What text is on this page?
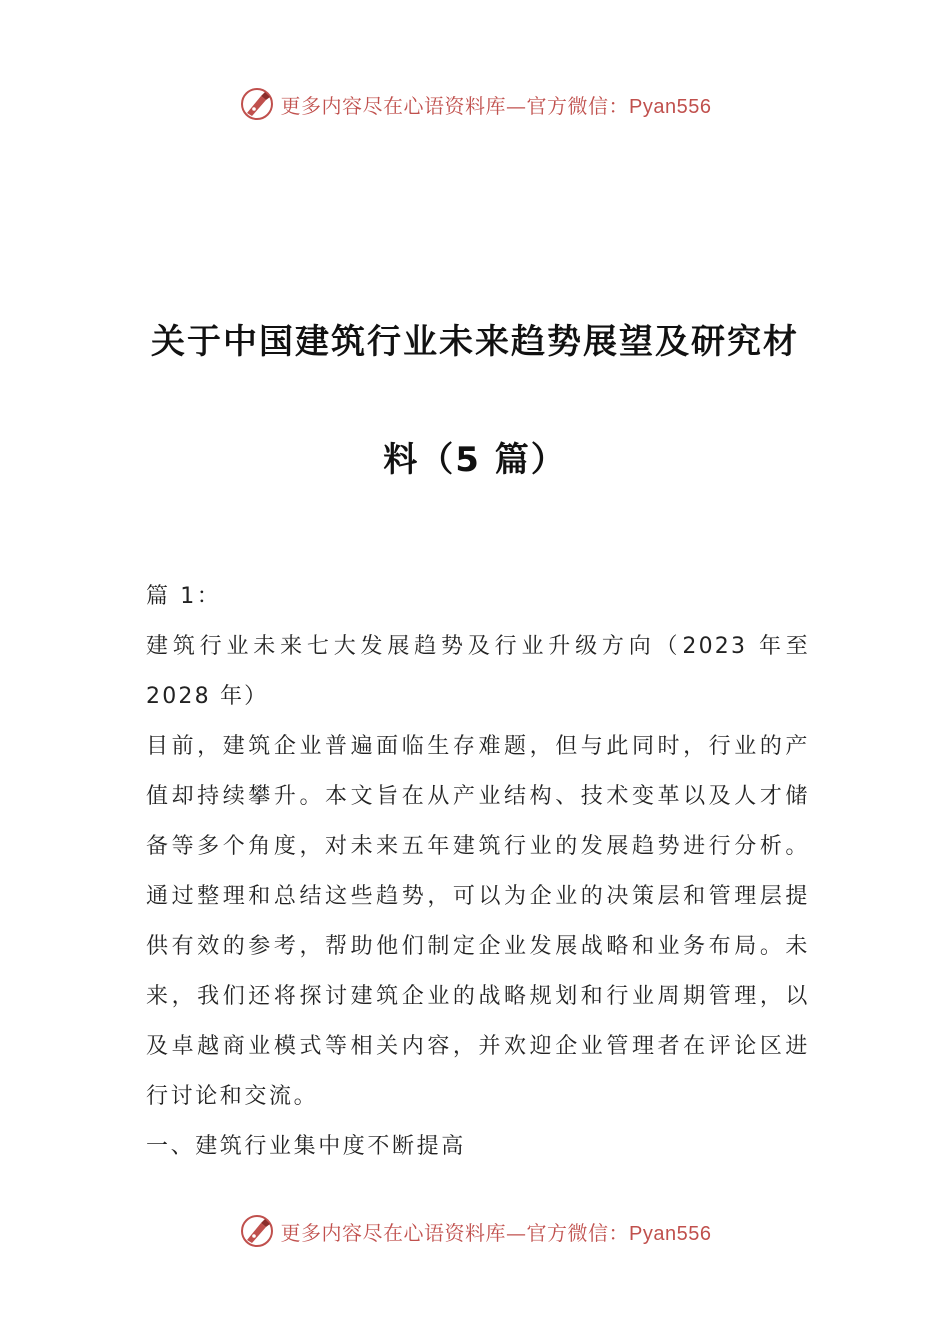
更多内容尽在心语资料库—官方微信：Pyan556
关于中国建筑行业未来趋势展望及研究材
料（5 篇）

篇 1：

建筑行业未来七大发展趋势及行业升级方向（2023 年至 2028 年）

目前，建筑企业普遍面临生存难题，但与此同时，行业的产值却持续攀升。本文旨在从产业结构、技术变革以及人才储备等多个角度，对未来五年建筑行业的发展趋势进行分析。通过整理和总结这些趋势，可以为企业的决策层和管理层提供有效的参考，帮助他们制定企业发展战略和业务布局。未来，我们还将探讨建筑企业的战略规划和行业周期管理，以及卓越商业模式等相关内容，并欢迎企业管理者在评论区进行讨论和交流。

一、建筑行业集中度不断提高

更多内容尽在心语资料库—官方微信：Pyan556
